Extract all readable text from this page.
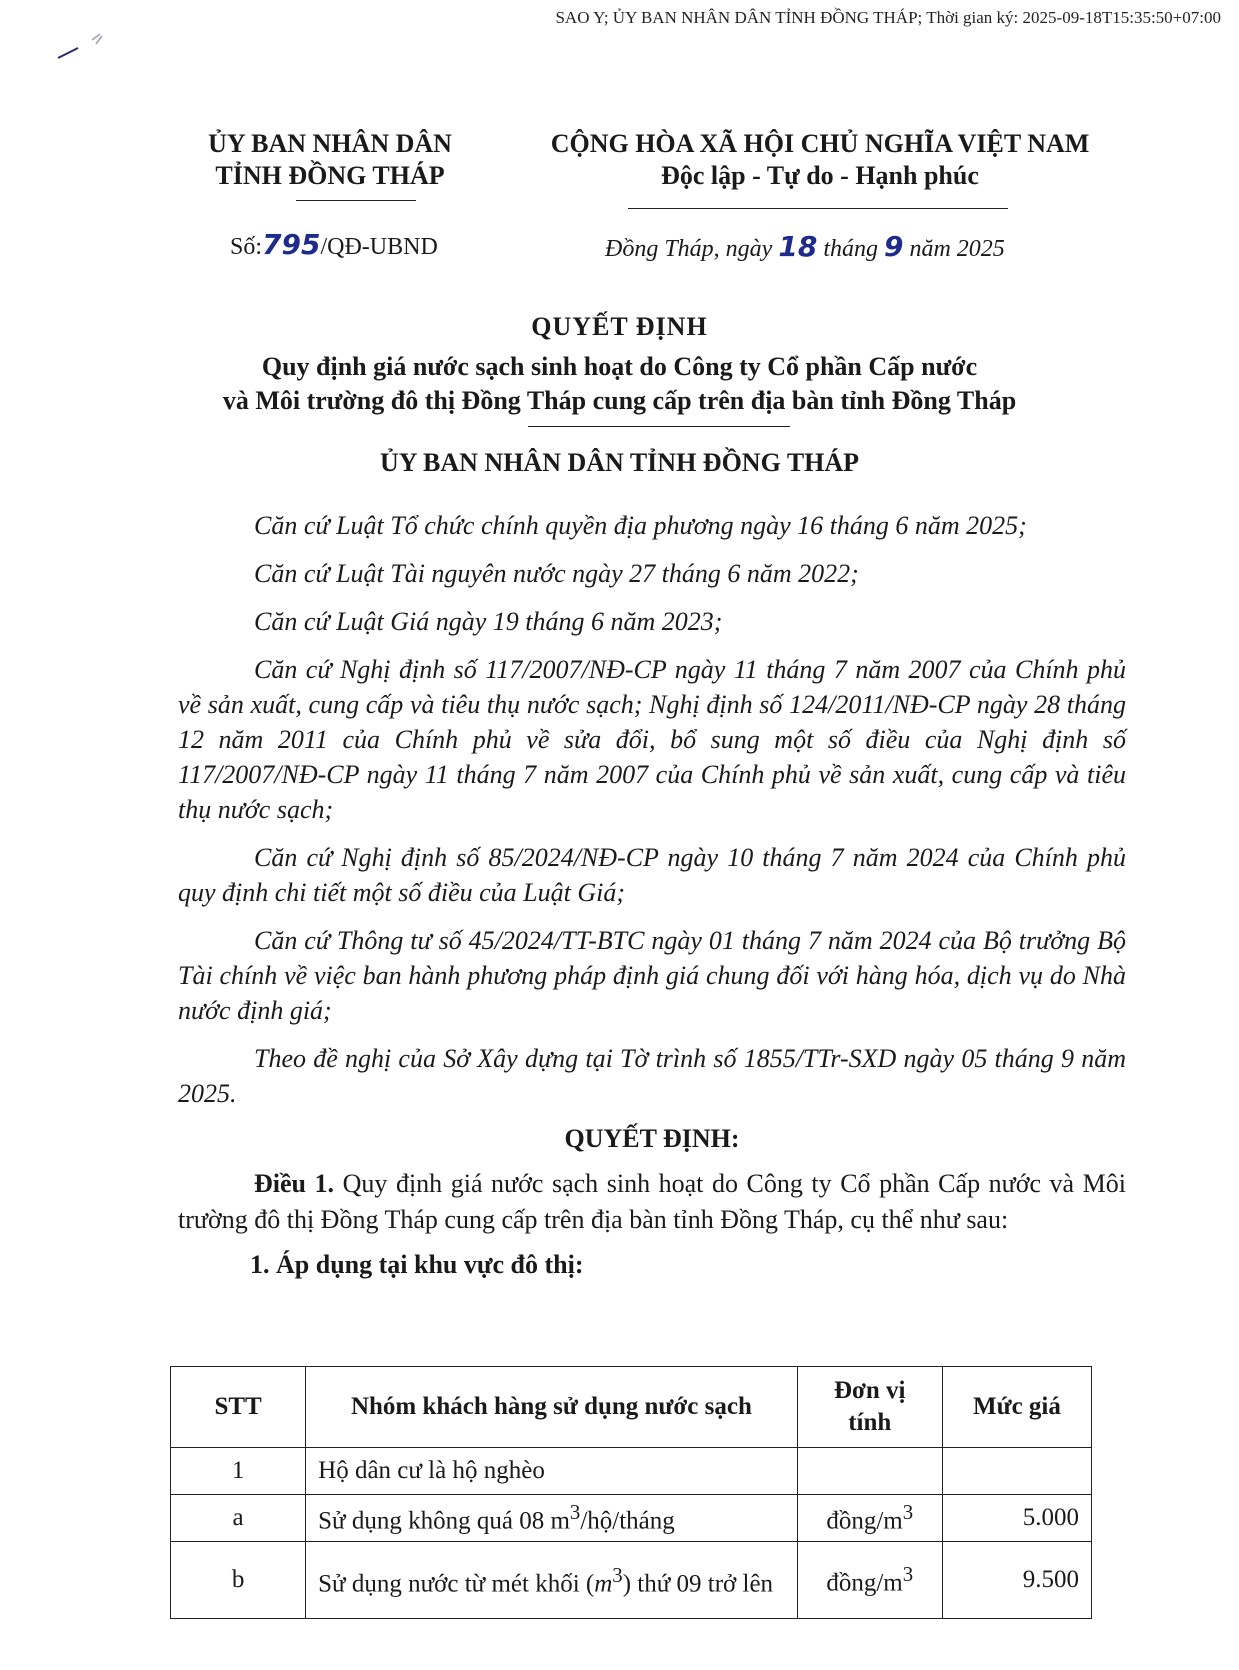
SAO Y; ỦY BAN NHÂN DÂN TỈNH ĐỒNG THÁP; Thời gian ký: 2025-09-18T15:35:50+07:00
ỦY BAN NHÂN DÂN
TỈNH ĐỒNG THÁP
CỘNG HÒA XÃ HỘI CHỦ NGHĨA VIỆT NAM
Độc lập - Tự do - Hạnh phúc
Số:795/QĐ-UBND	Đồng Tháp, ngày 18 tháng 9 năm 2025
QUYẾT ĐỊNH
Quy định giá nước sạch sinh hoạt do Công ty Cổ phần Cấp nước
và Môi trường đô thị Đồng Tháp cung cấp trên địa bàn tỉnh Đồng Tháp
ỦY BAN NHÂN DÂN TỈNH ĐỒNG THÁP

Căn cứ Luật Tổ chức chính quyền địa phương ngày 16 tháng 6 năm 2025;

Căn cứ Luật Tài nguyên nước ngày 27 tháng 6 năm 2022;

Căn cứ Luật Giá ngày 19 tháng 6 năm 2023;

Căn cứ Nghị định số 117/2007/NĐ-CP ngày 11 tháng 7 năm 2007 của Chính phủ về sản xuất, cung cấp và tiêu thụ nước sạch; Nghị định số 124/2011/NĐ-CP ngày 28 tháng 12 năm 2011 của Chính phủ về sửa đổi, bổ sung một số điều của Nghị định số 117/2007/NĐ-CP ngày 11 tháng 7 năm 2007 của Chính phủ về sản xuất, cung cấp và tiêu thụ nước sạch;

Căn cứ Nghị định số 85/2024/NĐ-CP ngày 10 tháng 7 năm 2024 của Chính phủ quy định chi tiết một số điều của Luật Giá;

Căn cứ Thông tư số 45/2024/TT-BTC ngày 01 tháng 7 năm 2024 của Bộ trưởng Bộ Tài chính về việc ban hành phương pháp định giá chung đối với hàng hóa, dịch vụ do Nhà nước định giá;

Theo đề nghị của Sở Xây dựng tại Tờ trình số 1855/TTr-SXD ngày 05 tháng 9 năm 2025.

QUYẾT ĐỊNH:

Điều 1. Quy định giá nước sạch sinh hoạt do Công ty Cổ phần Cấp nước và Môi trường đô thị Đồng Tháp cung cấp trên địa bàn tỉnh Đồng Tháp, cụ thể như sau:

1. Áp dụng tại khu vực đô thị:
STT	Nhóm khách hàng sử dụng nước sạch	Đơn vị tính	Mức giá
1	Hộ dân cư là hộ nghèo		
a	Sử dụng không quá 08 $m^3/hộ$/tháng	đồng/$m^3$	5.000
b	Sử dụng nước từ mét khối $(m^3)$ thứ 09 trở lên	đồng/$m^3$	9.500
